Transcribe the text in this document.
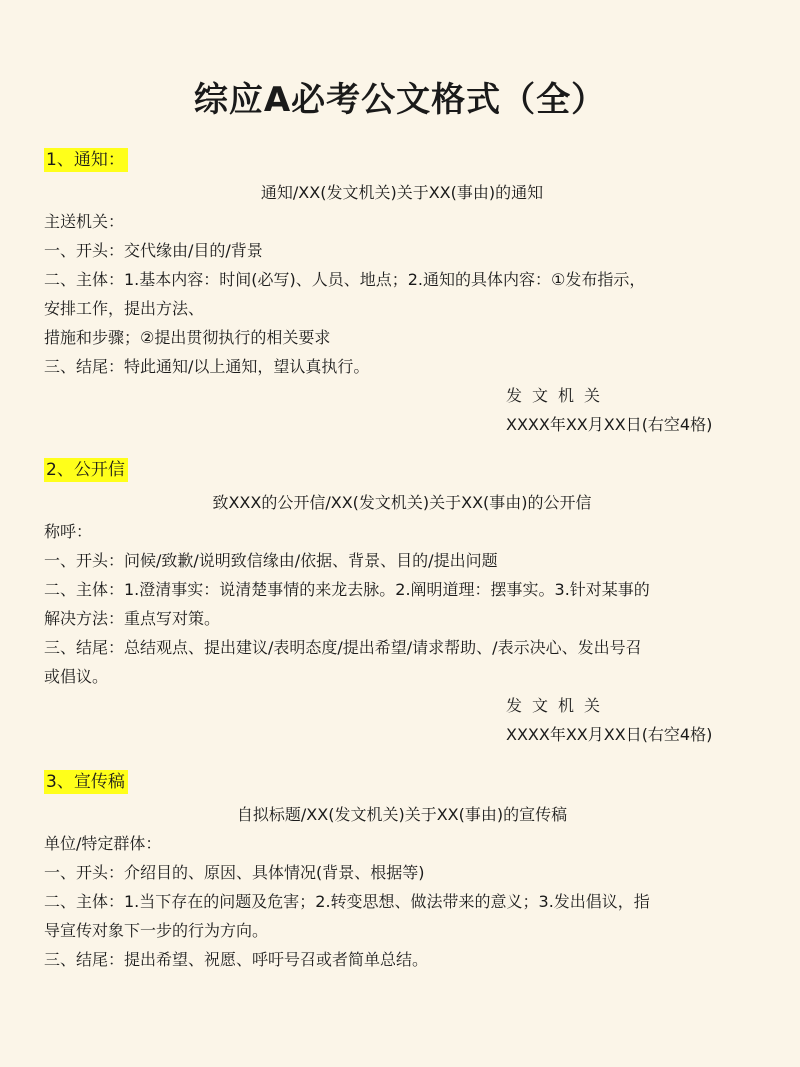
综应A必考公文格式（全）
1、通知：
通知/XX(发文机关)关于XX(事由)的通知
主送机关：
一、开头：交代缘由/目的/背景
二、主体：1.基本内容：时间(必写)、人员、地点；2.通知的具体内容：①发布指示，
安排工作，提出方法、
措施和步骤；②提出贯彻执行的相关要求
三、结尾：特此通知/以上通知，望认真执行。
发文机关
XXXX年XX月XX日(右空4格)
2、公开信
致XXX的公开信/XX(发文机关)关于XX(事由)的公开信
称呼：
一、开头：问候/致歉/说明致信缘由/依据、背景、目的/提出问题
二、主体：1.澄清事实：说清楚事情的来龙去脉。2.阐明道理：摆事实。3.针对某事的
解决方法：重点写对策。
三、结尾：总结观点、提出建议/表明态度/提出希望/请求帮助、/表示决心、发出号召
或倡议。
发文机关
XXXX年XX月XX日(右空4格)
3、宣传稿
自拟标题/XX(发文机关)关于XX(事由)的宣传稿
单位/特定群体：
一、开头：介绍目的、原因、具体情况(背景、根据等)
二、主体：1.当下存在的问题及危害；2.转变思想、做法带来的意义；3.发出倡议，指
导宣传对象下一步的行为方向。
三、结尾：提出希望、祝愿、呼吁号召或者简单总结。
